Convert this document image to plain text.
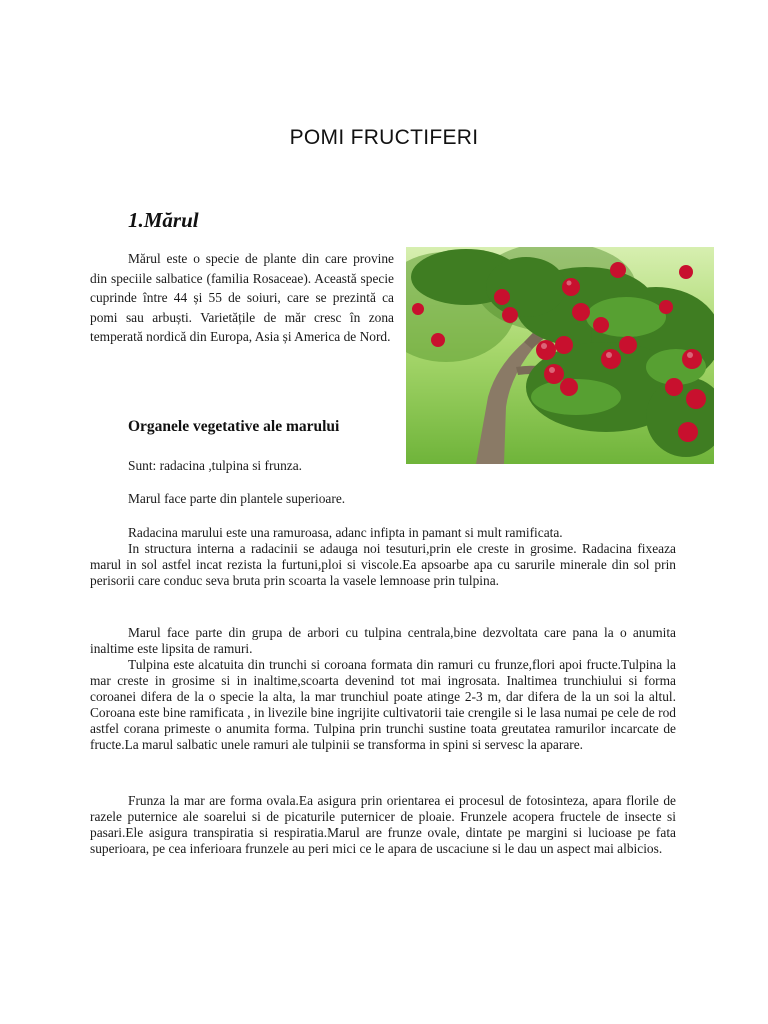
POMI FRUCTIFERI
1.Mărul

Mărul este o specie de plante din care provine din speciile salbatice (familia Rosaceae). Această specie cuprinde între 44 și 55 de soiuri, care se prezintă ca pomi sau arbuști. Varietățile de măr cresc în zona temperată nordică din Europa, Asia și America de Nord.

Organele vegetative ale marului

Sunt: radacina ,tulpina si frunza.

Marul face parte din plantele superioare.

Radacina marului este una ramuroasa, adanc infipta in pamant si mult ramificata.

In structura interna a radacinii se adauga noi tesuturi,prin ele creste in grosime. Radacina fixeaza marul in sol astfel incat rezista la furtuni,ploi si viscole.Ea apsoarbe apa cu sarurile minerale din sol prin perisorii care conduc seva bruta prin scoarta la vasele lemnoase prin tulpina.

Marul face parte din grupa de arbori cu tulpina centrala,bine dezvoltata care pana la o anumita inaltime este lipsita de ramuri.

Tulpina este alcatuita din trunchi si coroana formata din ramuri cu frunze,flori apoi fructe.Tulpina la mar creste in grosime si in inaltime,scoarta devenind tot mai ingrosata. Inaltimea trunchiului si forma coroanei difera de la o specie la alta, la mar trunchiul poate atinge 2-3 m, dar difera de la un soi la altul. Coroana este bine ramificata , in livezile bine ingrijite cultivatorii taie crengile si le lasa numai pe cele de rod astfel corana primeste o anumita forma. Tulpina prin trunchi sustine toata greutatea ramurilor incarcate de fructe.La marul salbatic unele ramuri ale tulpinii se transforma in spini si servesc la aparare.

Frunza la mar are forma ovala.Ea asigura prin orientarea ei procesul de fotosinteza, apara florile de razele puternice ale soarelui si de picaturile puternicer de ploaie. Frunzele acopera fructele de insecte si pasari.Ele asigura transpiratia si respiratia.Marul are frunze ovale, dintate pe margini si lucioase pe fata superioara, pe cea inferioara frunzele au peri mici ce le apara de uscaciune si le dau un aspect mai albicios.
